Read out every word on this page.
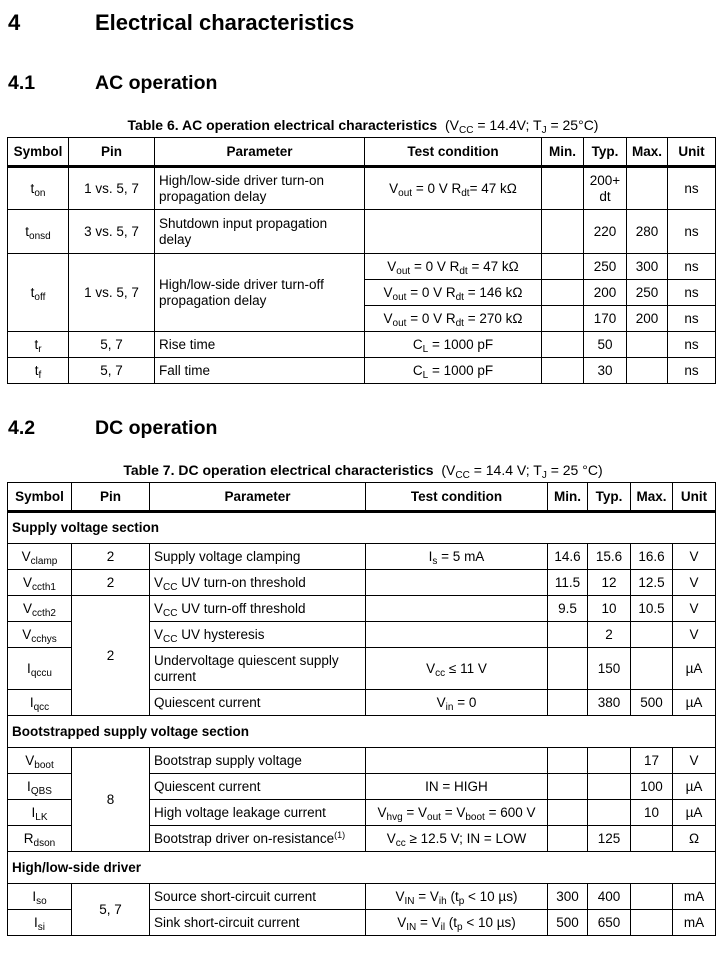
4	Electrical characteristics
4.1	AC operation
Table 6. AC operation electrical characteristics ($V_{CC} = 14.4V$; $T_J = 25^\circ C$)
Symbol	Pin	Parameter	Test condition	Min.	Typ.	Max.	Unit
$t_{on}$	1 vs. 5, 7	High/low-side driver turn-on propagation delay	$V_{out} = 0$ V $R_{dt}= 47$ kΩ		200+ dt		ns
$t_{onsd}$	3 vs. 5, 7	Shutdown input propagation delay			220	280	ns
$t_{off}$	1 vs. 5, 7	High/low-side driver turn-off propagation delay	$V_{out} = 0$ V $R_{dt} = 47$ kΩ		250	300	ns
			$V_{out} = 0$ V $R_{dt} = 146$ kΩ		200	250	ns
			$V_{out} = 0$ V $R_{dt} = 270$ kΩ		170	200	ns
$t_r$	5, 7	Rise time	$C_L = 1000$ pF		50		ns
$t_f$	5, 7	Fall time	$C_L = 1000$ pF		30		ns
4.2	DC operation
Table 7. DC operation electrical characteristics ($V_{CC} = 14.4$ V; $T_J = 25$ °C)
Symbol	Pin	Parameter	Test condition	Min.	Typ.	Max.	Unit
Supply voltage section							
$V_{clamp}$	2	Supply voltage clamping	$I_s = 5$ mA	14.6	15.6	16.6	V
$V_{ccth1}$	2	$V_{CC}$ UV turn-on threshold		11.5	12	12.5	V
$V_{ccth2}$	2	$V_{CC}$ UV turn-off threshold		9.5	10	10.5	V
$V_{cchys}$		$V_{CC}$ UV hysteresis			2		V
$I_{qccu}$		Undervoltage quiescent supply current	$V_{cc} \le 11$ V		150		µA
$I_{qcc}$		Quiescent current	$V_{in} = 0$		380	500	µA
Bootstrapped supply voltage section							
$V_{boot}$	8	Bootstrap supply voltage				17	V
$I_{QBS}$		Quiescent current	IN = HIGH			100	µA
$I_{LK}$		High voltage leakage current	$V_{hvg} = V_{out} = V_{boot} = 600$ V			10	µA
$R_{dson}$		Bootstrap driver on-resistance$^{(1)}$	$V_{cc} \ge 12.5$ V; IN = LOW		125		Ω
High/low-side driver							
$I_{so}$	5, 7	Source short-circuit current	$V_{IN} = V_{ih}$ ($t_p < 10$ µs)	300	400		mA
$I_{si}$		Sink short-circuit current	$V_{IN} = V_{il}$ ($t_p < 10$ µs)	500	650		mA
